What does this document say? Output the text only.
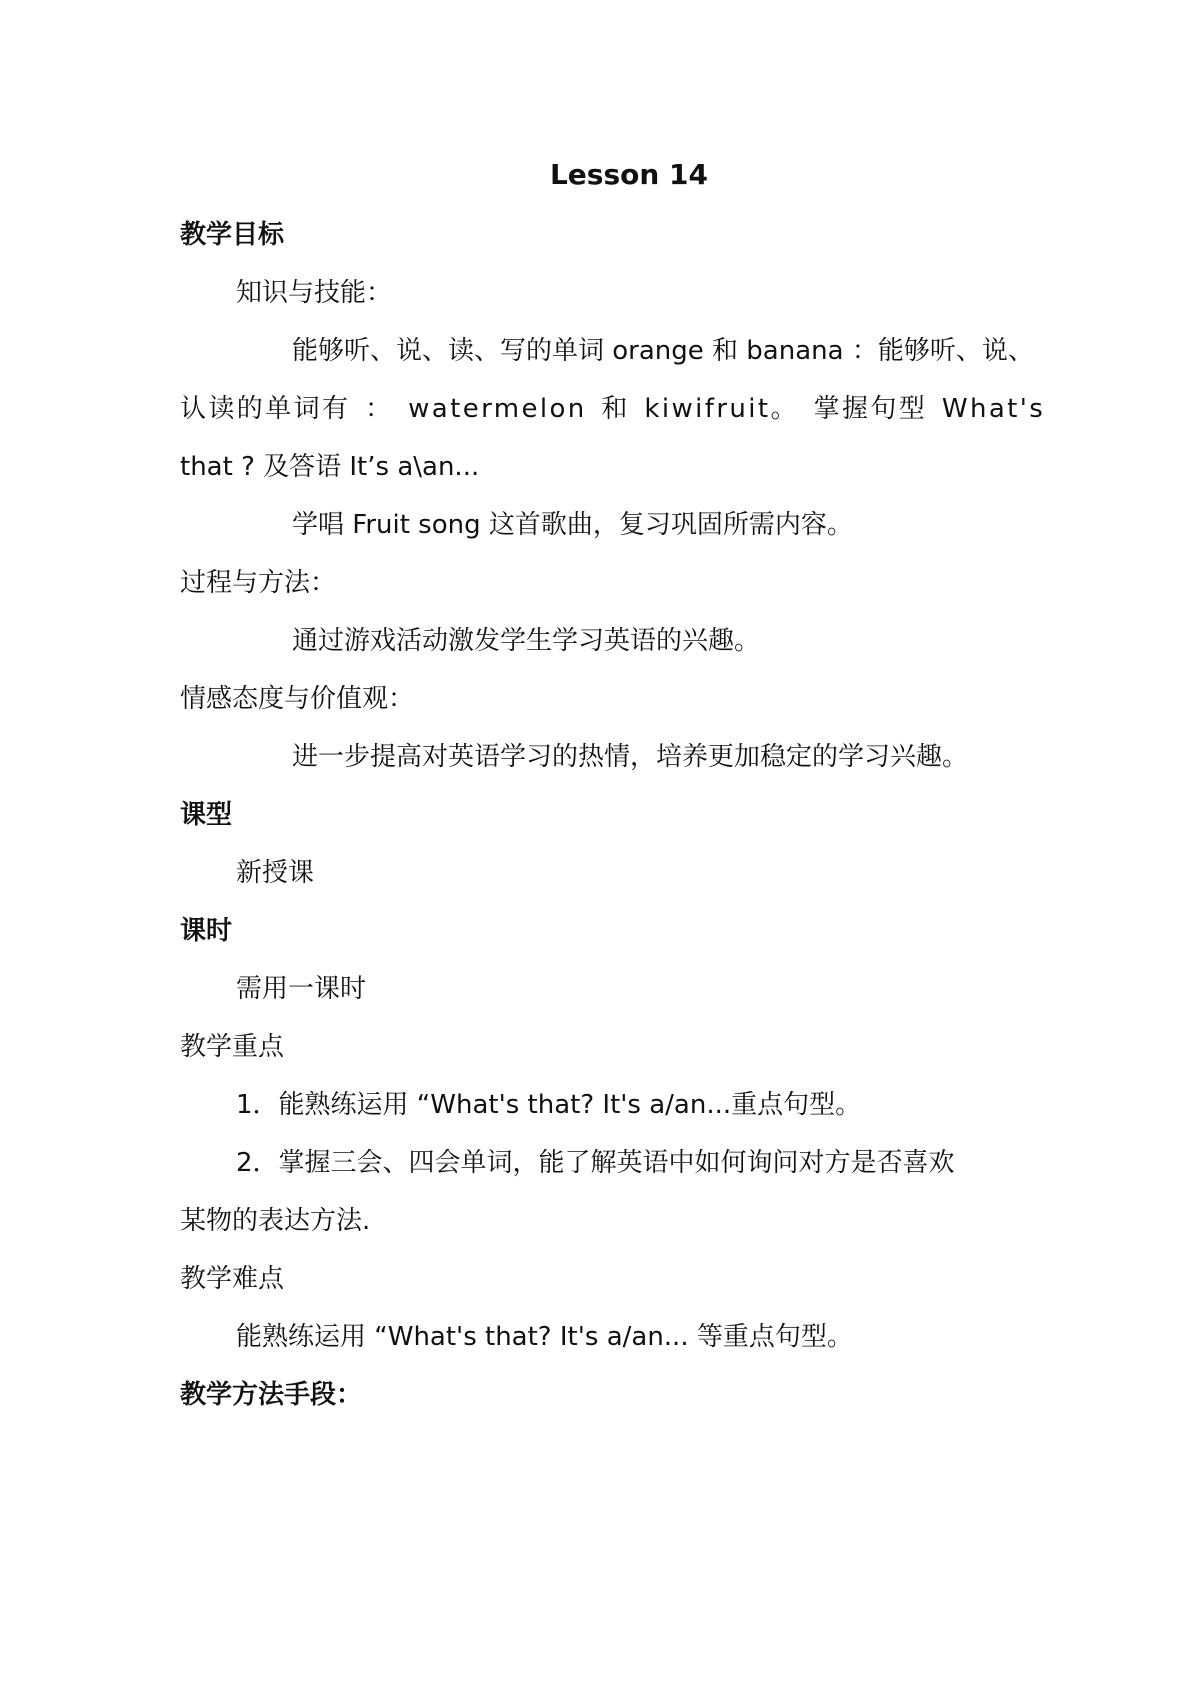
Lesson 14

教学目标

知识与技能：

能够听、说、读、写的单词 orange 和 banana ：能够听、说、

认读的单词有 ： watermelon 和 kiwifruit。 掌握句型 What's

that ? 及答语 It’s a\an...

学唱 Fruit song 这首歌曲，复习巩固所需内容。

过程与方法：

通过游戏活动激发学生学习英语的兴趣。

情感态度与价值观：

进一步提高对英语学习的热情，培养更加稳定的学习兴趣。

课型

新授课

课时

需用一课时

教学重点

1．能熟练运用 “What's that? It's a/an...重点句型。

2．掌握三会、四会单词，能了解英语中如何询问对方是否喜欢

某物的表达方法.

教学难点

能熟练运用 “What's that? It's a/an... 等重点句型。

教学方法手段：
